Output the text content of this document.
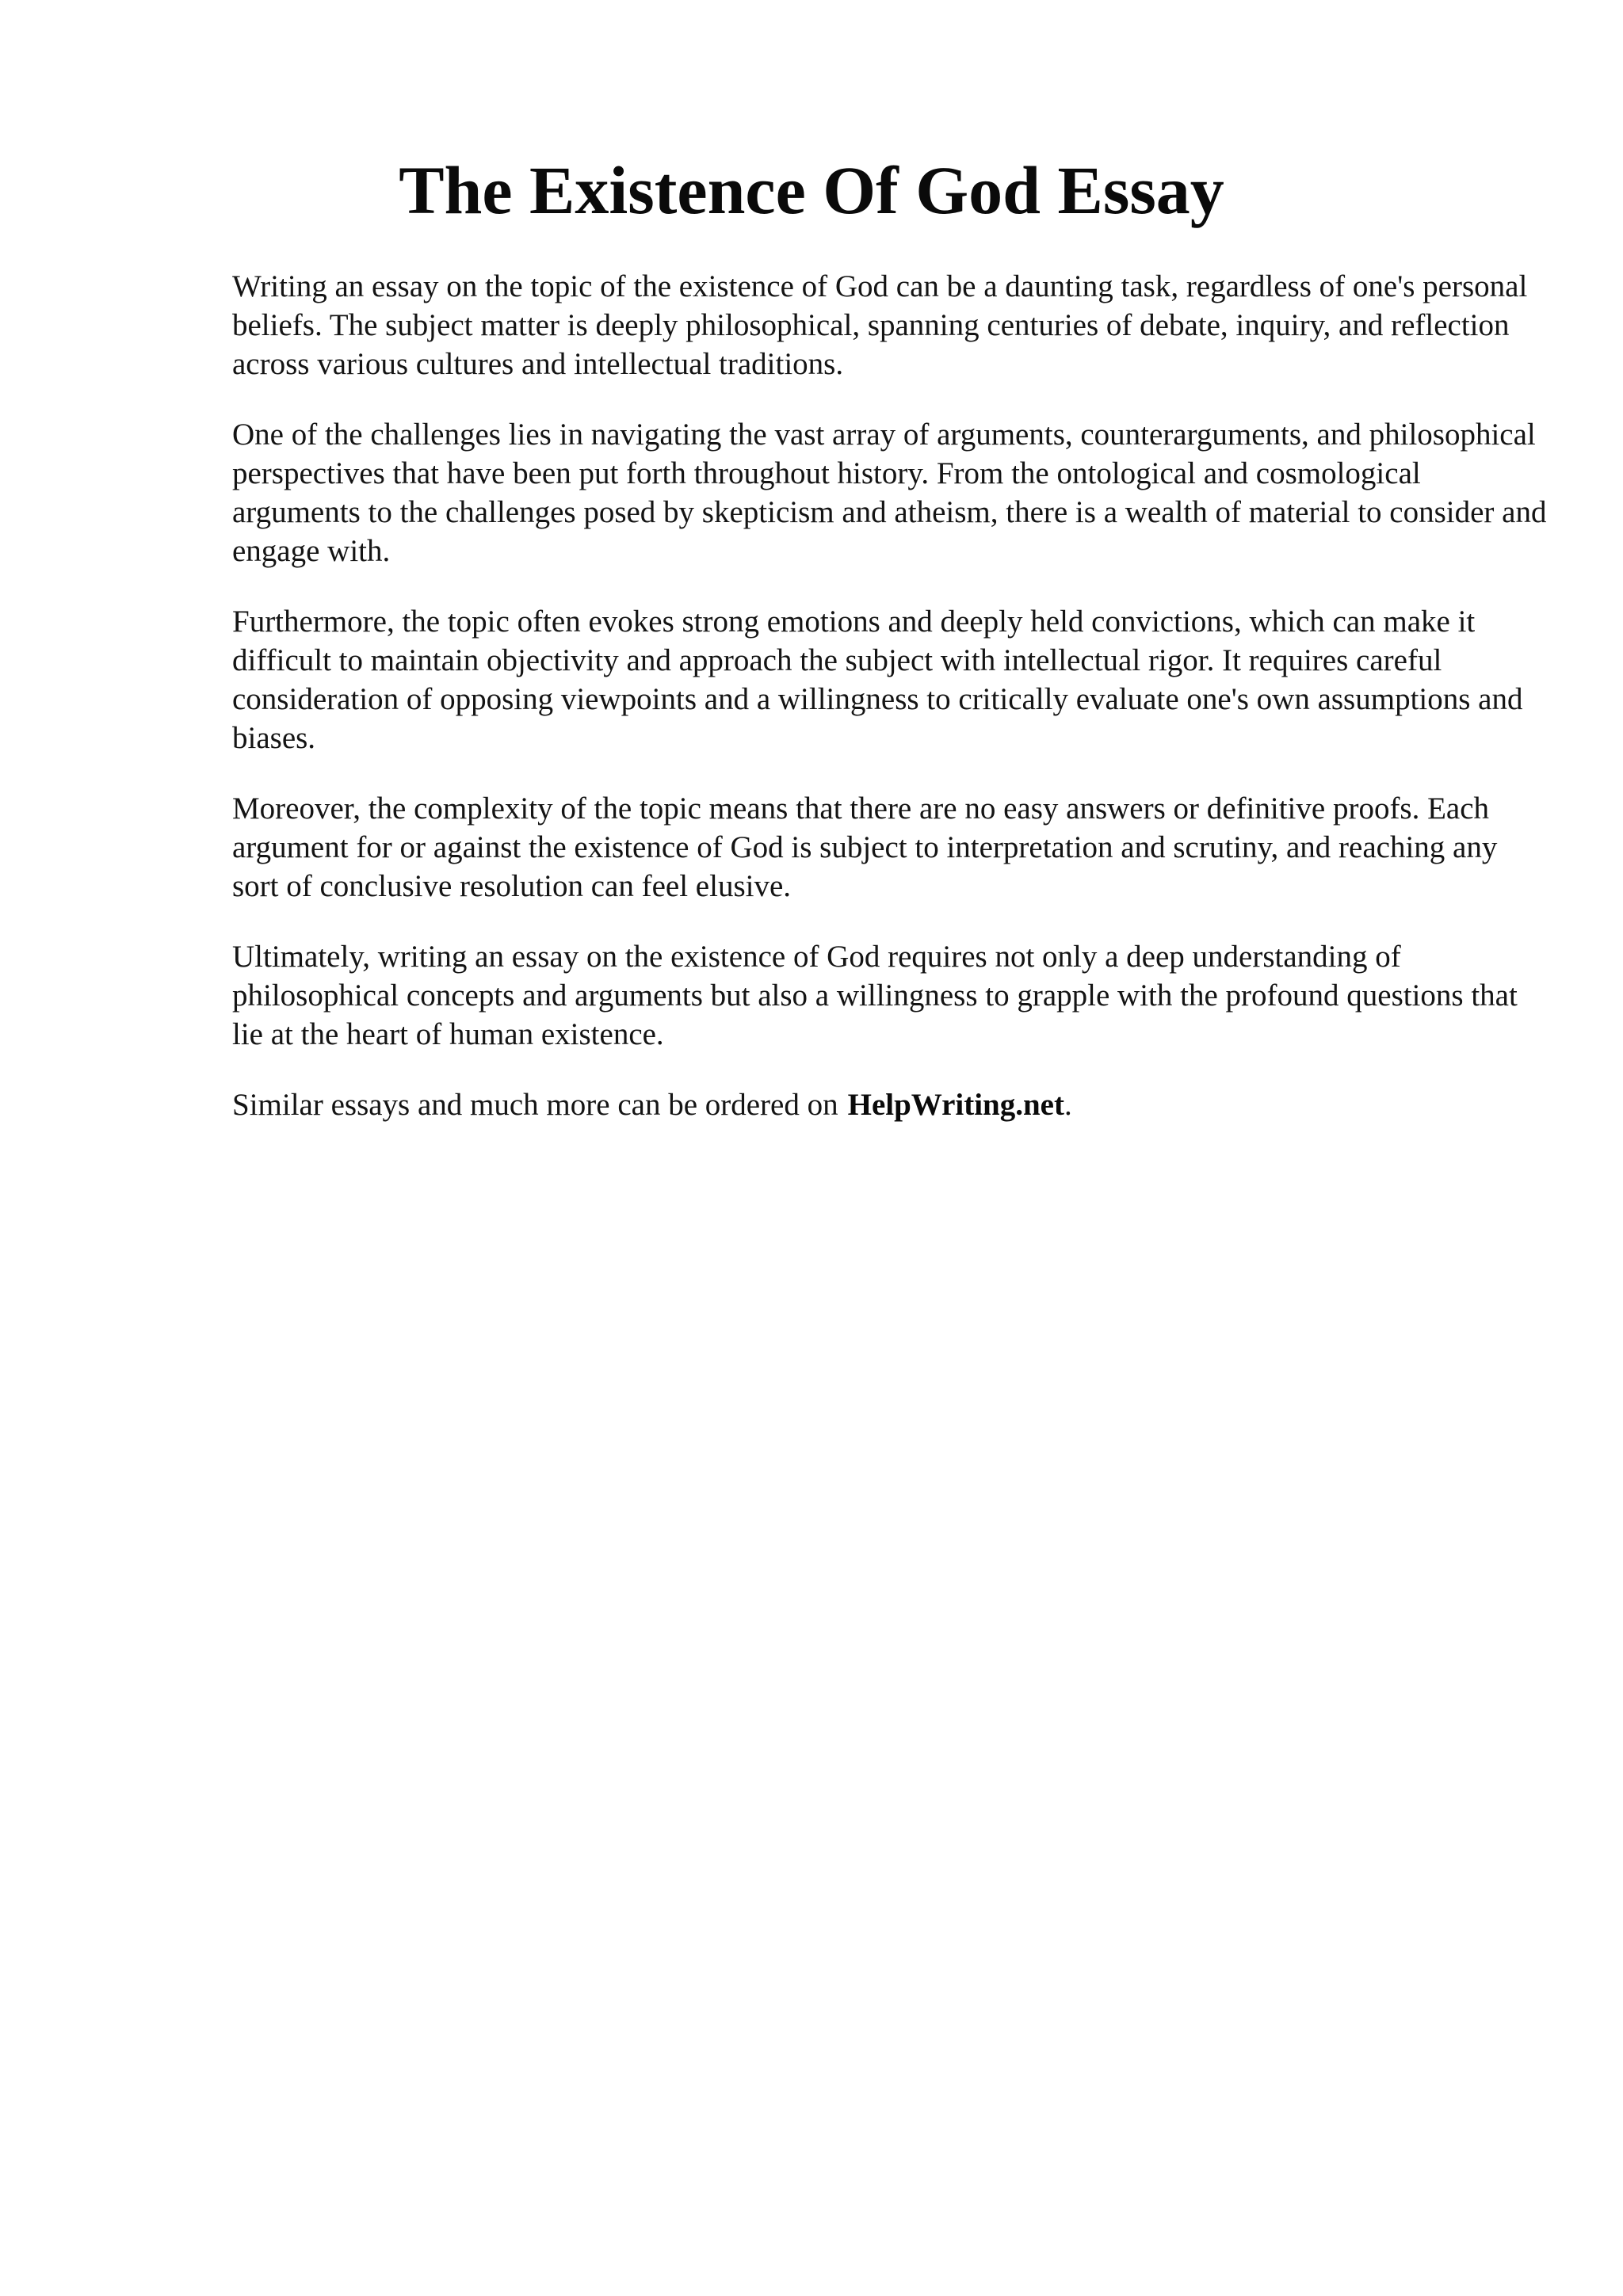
The Existence Of God Essay

Writing an essay on the topic of the existence of God can be a daunting task, regardless of one's personal beliefs. The subject matter is deeply philosophical, spanning centuries of debate, inquiry, and reflection across various cultures and intellectual traditions.

One of the challenges lies in navigating the vast array of arguments, counterarguments, and philosophical perspectives that have been put forth throughout history. From the ontological and cosmological arguments to the challenges posed by skepticism and atheism, there is a wealth of material to consider and engage with.

Furthermore, the topic often evokes strong emotions and deeply held convictions, which can make it difficult to maintain objectivity and approach the subject with intellectual rigor. It requires careful consideration of opposing viewpoints and a willingness to critically evaluate one's own assumptions and biases.

Moreover, the complexity of the topic means that there are no easy answers or definitive proofs. Each argument for or against the existence of God is subject to interpretation and scrutiny, and reaching any sort of conclusive resolution can feel elusive.

Ultimately, writing an essay on the existence of God requires not only a deep understanding of philosophical concepts and arguments but also a willingness to grapple with the profound questions that lie at the heart of human existence.

Similar essays and much more can be ordered on HelpWriting.net.
